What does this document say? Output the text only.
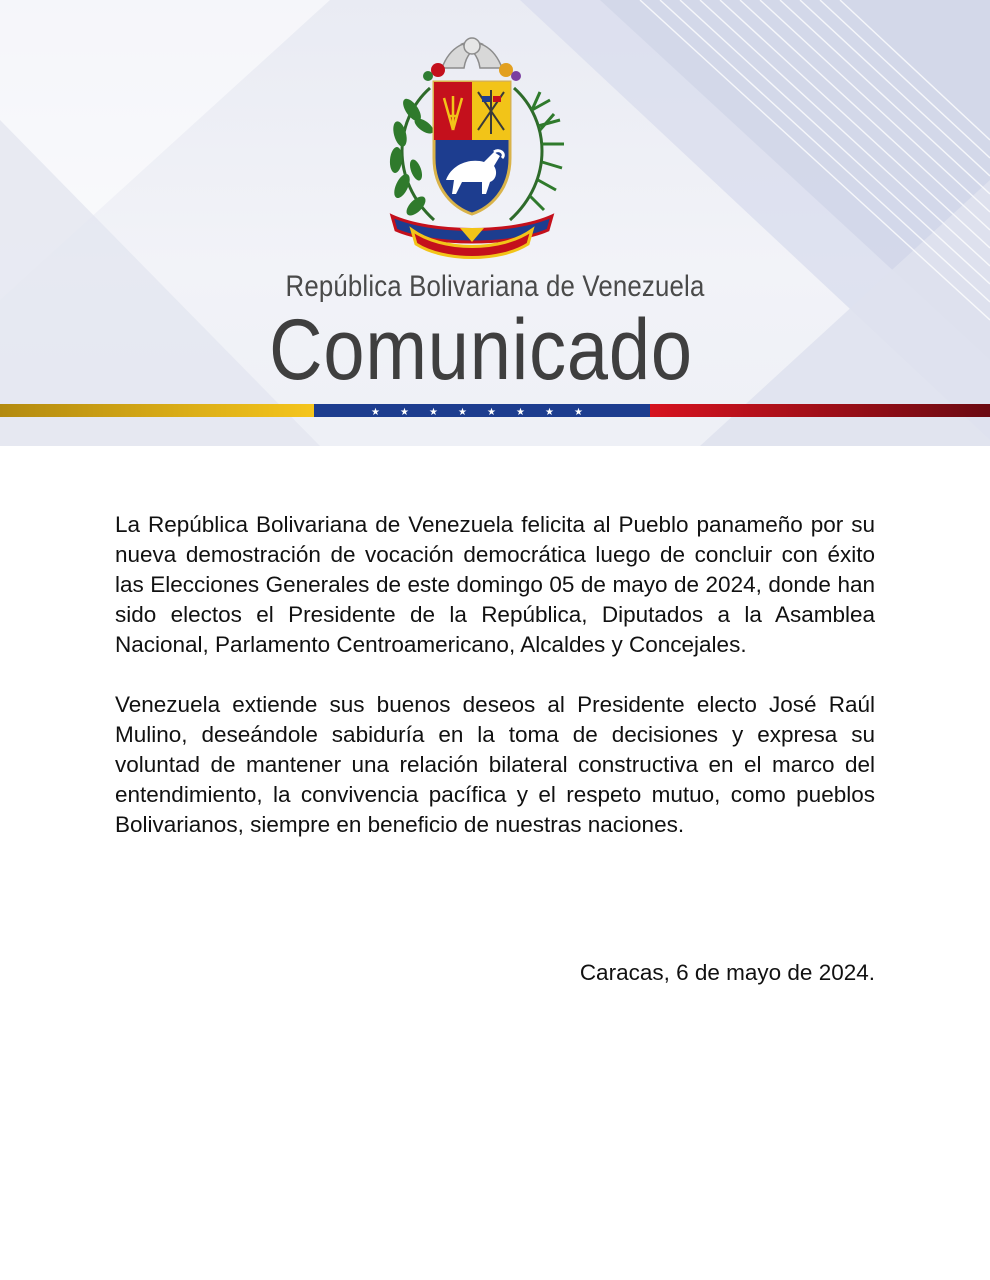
República Bolivariana de Venezuela
Comunicado
★ ★ ★ ★ ★ ★ ★ ★

La República Bolivariana de Venezuela felicita al Pueblo panameño por su nueva demostración de vocación democrática luego de concluir con éxito las Elecciones Generales de este domingo 05 de mayo de 2024, donde han sido electos el Presidente de la República, Diputados a la Asamblea Nacional, Parlamento Centroamericano, Alcaldes y Concejales.

Venezuela extiende sus buenos deseos al Presidente electo José Raúl Mulino, deseándole sabiduría en la toma de decisiones y expresa su voluntad de mantener una relación bilateral constructiva en el marco del entendimiento, la convivencia pacífica y el respeto mutuo, como pueblos Bolivarianos, siempre en beneficio de nuestras naciones.

Caracas, 6 de mayo de 2024.
